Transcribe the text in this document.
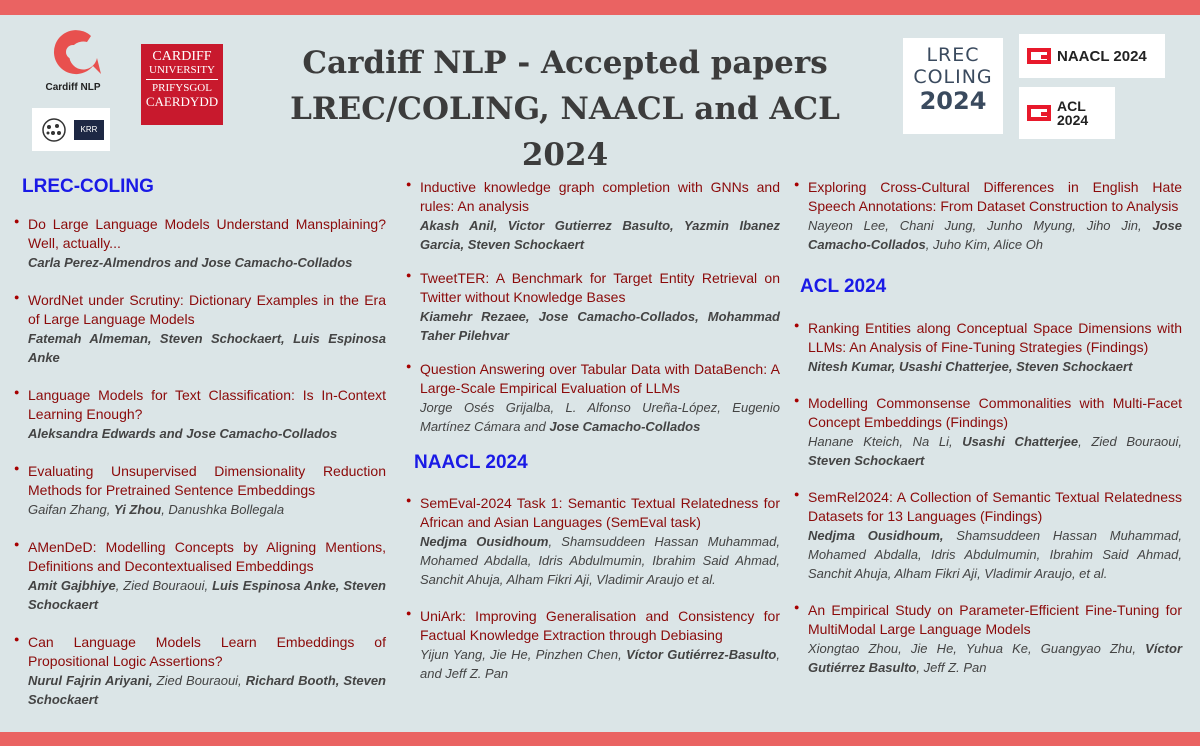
Cardiff NLP
KRR
CARDIFF
UNIVERSITY
PRIFYSGOL
CAERDYDD
Cardiff NLP - Accepted papers
LREC/COLING, NAACL and ACL 2024
LREC
COLING
2024
NAACL 2024
ACL
2024
LREC-COLING
● Do Large Language Models Understand Mansplaining? Well, actually...
Carla Perez-Almendros and Jose Camacho-Collados
● WordNet under Scrutiny: Dictionary Examples in the Era of Large Language Models
Fatemah Almeman, Steven Schockaert, Luis Espinosa Anke
● Language Models for Text Classification: Is In-Context Learning Enough?
Aleksandra Edwards and Jose Camacho-Collados
● Evaluating Unsupervised Dimensionality Reduction Methods for Pretrained Sentence Embeddings
Gaifan Zhang, Yi Zhou, Danushka Bollegala
● AMenDeD: Modelling Concepts by Aligning Mentions, Definitions and Decontextualised Embeddings
Amit Gajbhiye, Zied Bouraoui, Luis Espinosa Anke, Steven Schockaert
● Can Language Models Learn Embeddings of Propositional Logic Assertions?
Nurul Fajrin Ariyani, Zied Bouraoui, Richard Booth, Steven Schockaert
● Inductive knowledge graph completion with GNNs and rules: An analysis
Akash Anil, Victor Gutierrez Basulto, Yazmin Ibanez Garcia, Steven Schockaert
● TweetTER: A Benchmark for Target Entity Retrieval on Twitter without Knowledge Bases
Kiamehr Rezaee, Jose Camacho-Collados, Mohammad Taher Pilehvar
● Question Answering over Tabular Data with DataBench: A Large-Scale Empirical Evaluation of LLMs
Jorge Osés Grijalba, L. Alfonso Ureña-López, Eugenio Martínez Cámara and Jose Camacho-Collados
NAACL 2024
● SemEval-2024 Task 1: Semantic Textual Relatedness for African and Asian Languages (SemEval task)
Nedjma Ousidhoum, Shamsuddeen Hassan Muhammad, Mohamed Abdalla, Idris Abdulmumin, Ibrahim Said Ahmad, Sanchit Ahuja, Alham Fikri Aji, Vladimir Araujo et al.
● UniArk: Improving Generalisation and Consistency for Factual Knowledge Extraction through Debiasing
Yijun Yang, Jie He, Pinzhen Chen, Víctor Gutiérrez-Basulto, and Jeff Z. Pan
● Exploring Cross-Cultural Differences in English Hate Speech Annotations: From Dataset Construction to Analysis
Nayeon Lee, Chani Jung, Junho Myung, Jiho Jin, Jose Camacho-Collados, Juho Kim, Alice Oh
ACL 2024
● Ranking Entities along Conceptual Space Dimensions with LLMs: An Analysis of Fine-Tuning Strategies (Findings)
Nitesh Kumar, Usashi Chatterjee, Steven Schockaert
● Modelling Commonsense Commonalities with Multi-Facet Concept Embeddings (Findings)
Hanane Kteich, Na Li, Usashi Chatterjee, Zied Bouraoui, Steven Schockaert
● SemRel2024: A Collection of Semantic Textual Relatedness Datasets for 13 Languages (Findings)
Nedjma Ousidhoum, Shamsuddeen Hassan Muhammad, Mohamed Abdalla, Idris Abdulmumin, Ibrahim Said Ahmad, Sanchit Ahuja, Alham Fikri Aji, Vladimir Araujo, et al.
● An Empirical Study on Parameter-Efficient Fine-Tuning for MultiModal Large Language Models
Xiongtao Zhou, Jie He, Yuhua Ke, Guangyao Zhu, Víctor Gutiérrez Basulto, Jeff Z. Pan
